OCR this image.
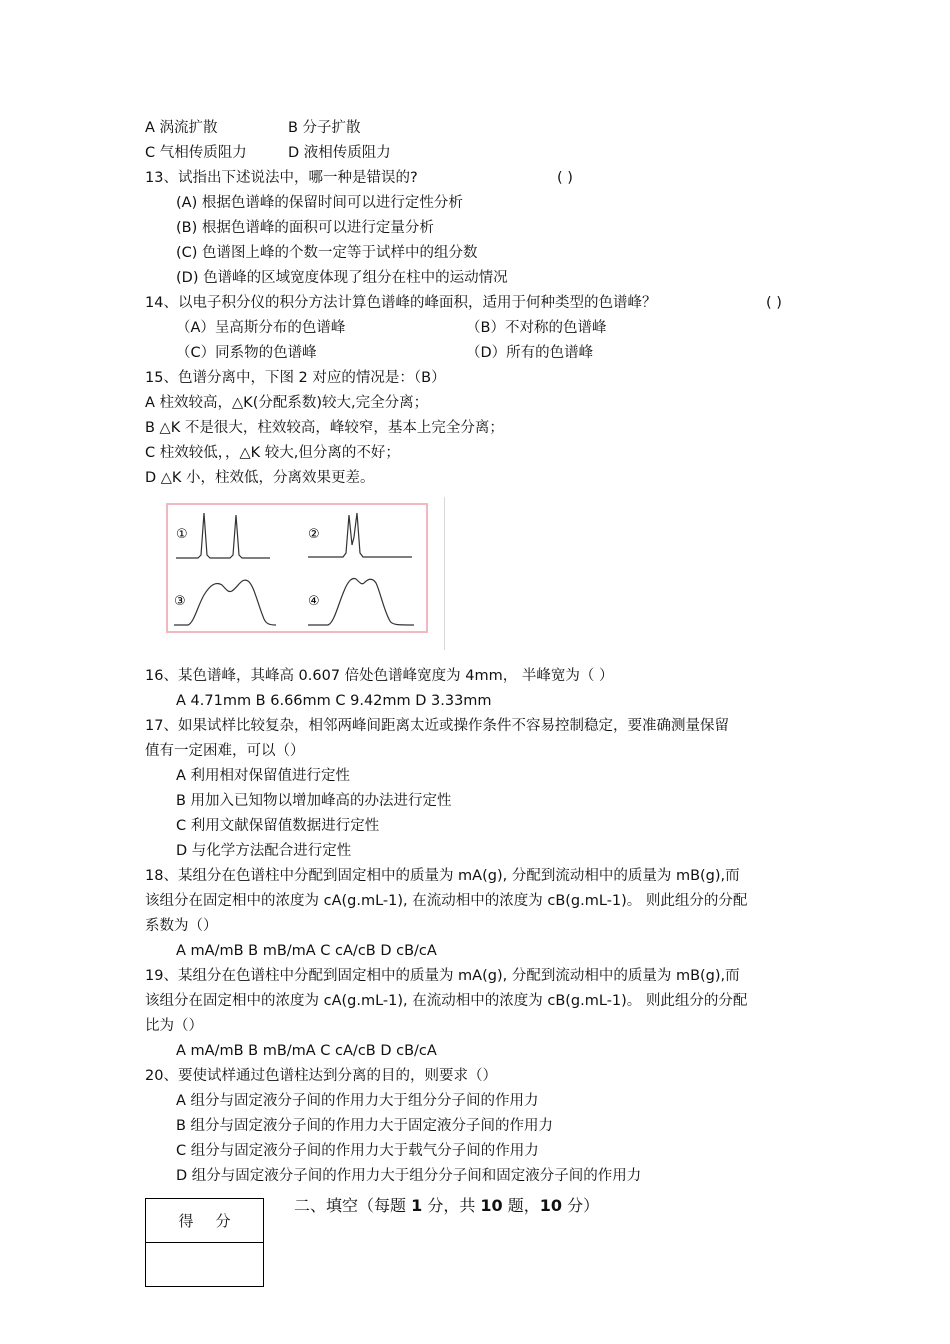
A 涡流扩散	B 分子扩散
C 气相传质阻力	D 液相传质阻力
13、试指出下述说法中，哪一种是错误的?	( )
(A) 根据色谱峰的保留时间可以进行定性分析
(B) 根据色谱峰的面积可以进行定量分析
(C) 色谱图上峰的个数一定等于试样中的组分数
(D) 色谱峰的区域宽度体现了组分在柱中的运动情况
14、以电子积分仪的积分方法计算色谱峰的峰面积，适用于何种类型的色谱峰？	( )
（A）呈高斯分布的色谱峰	（B）不对称的色谱峰
（C）同系物的色谱峰	（D）所有的色谱峰
15、色谱分离中，下图 2 对应的情况是：（B）
A 柱效较高，△K(分配系数)较大,完全分离；
B △K 不是很大，柱效较高，峰较窄，基本上完全分离；
C 柱效较低，，△K 较大,但分离的不好；
D △K 小，柱效低，分离效果更差。
16、某色谱峰，其峰高 0.607 倍处色谱峰宽度为 4mm， 半峰宽为（ ）
A 4.71mm B 6.66mm C 9.42mm D 3.33mm
17、如果试样比较复杂，相邻两峰间距离太近或操作条件不容易控制稳定，要准确测量保留
值有一定困难，可以（）
A 利用相对保留值进行定性
B 用加入已知物以增加峰高的办法进行定性
C 利用文献保留值数据进行定性
D 与化学方法配合进行定性
18、某组分在色谱柱中分配到固定相中的质量为 mA(g), 分配到流动相中的质量为 mB(g),而
该组分在固定相中的浓度为 cA(g.mL-1), 在流动相中的浓度为 cB(g.mL-1)。 则此组分的分配
系数为（）
A mA/mB B mB/mA C cA/cB D cB/cA
19、某组分在色谱柱中分配到固定相中的质量为 mA(g), 分配到流动相中的质量为 mB(g),而
该组分在固定相中的浓度为 cA(g.mL-1), 在流动相中的浓度为 cB(g.mL-1)。 则此组分的分配
比为（）
A mA/mB B mB/mA C cA/cB D cB/cA
20、要使试样通过色谱柱达到分离的目的，则要求（）
A 组分与固定液分子间的作用力大于组分分子间的作用力
B 组分与固定液分子间的作用力大于固定液分子间的作用力
C 组分与固定液分子间的作用力大于载气分子间的作用力
D 组分与固定液分子间的作用力大于组分分子间和固定液分子间的作用力
①	②
③	④
得分
二、填空（每题 1 分，共 10 题，10 分）
